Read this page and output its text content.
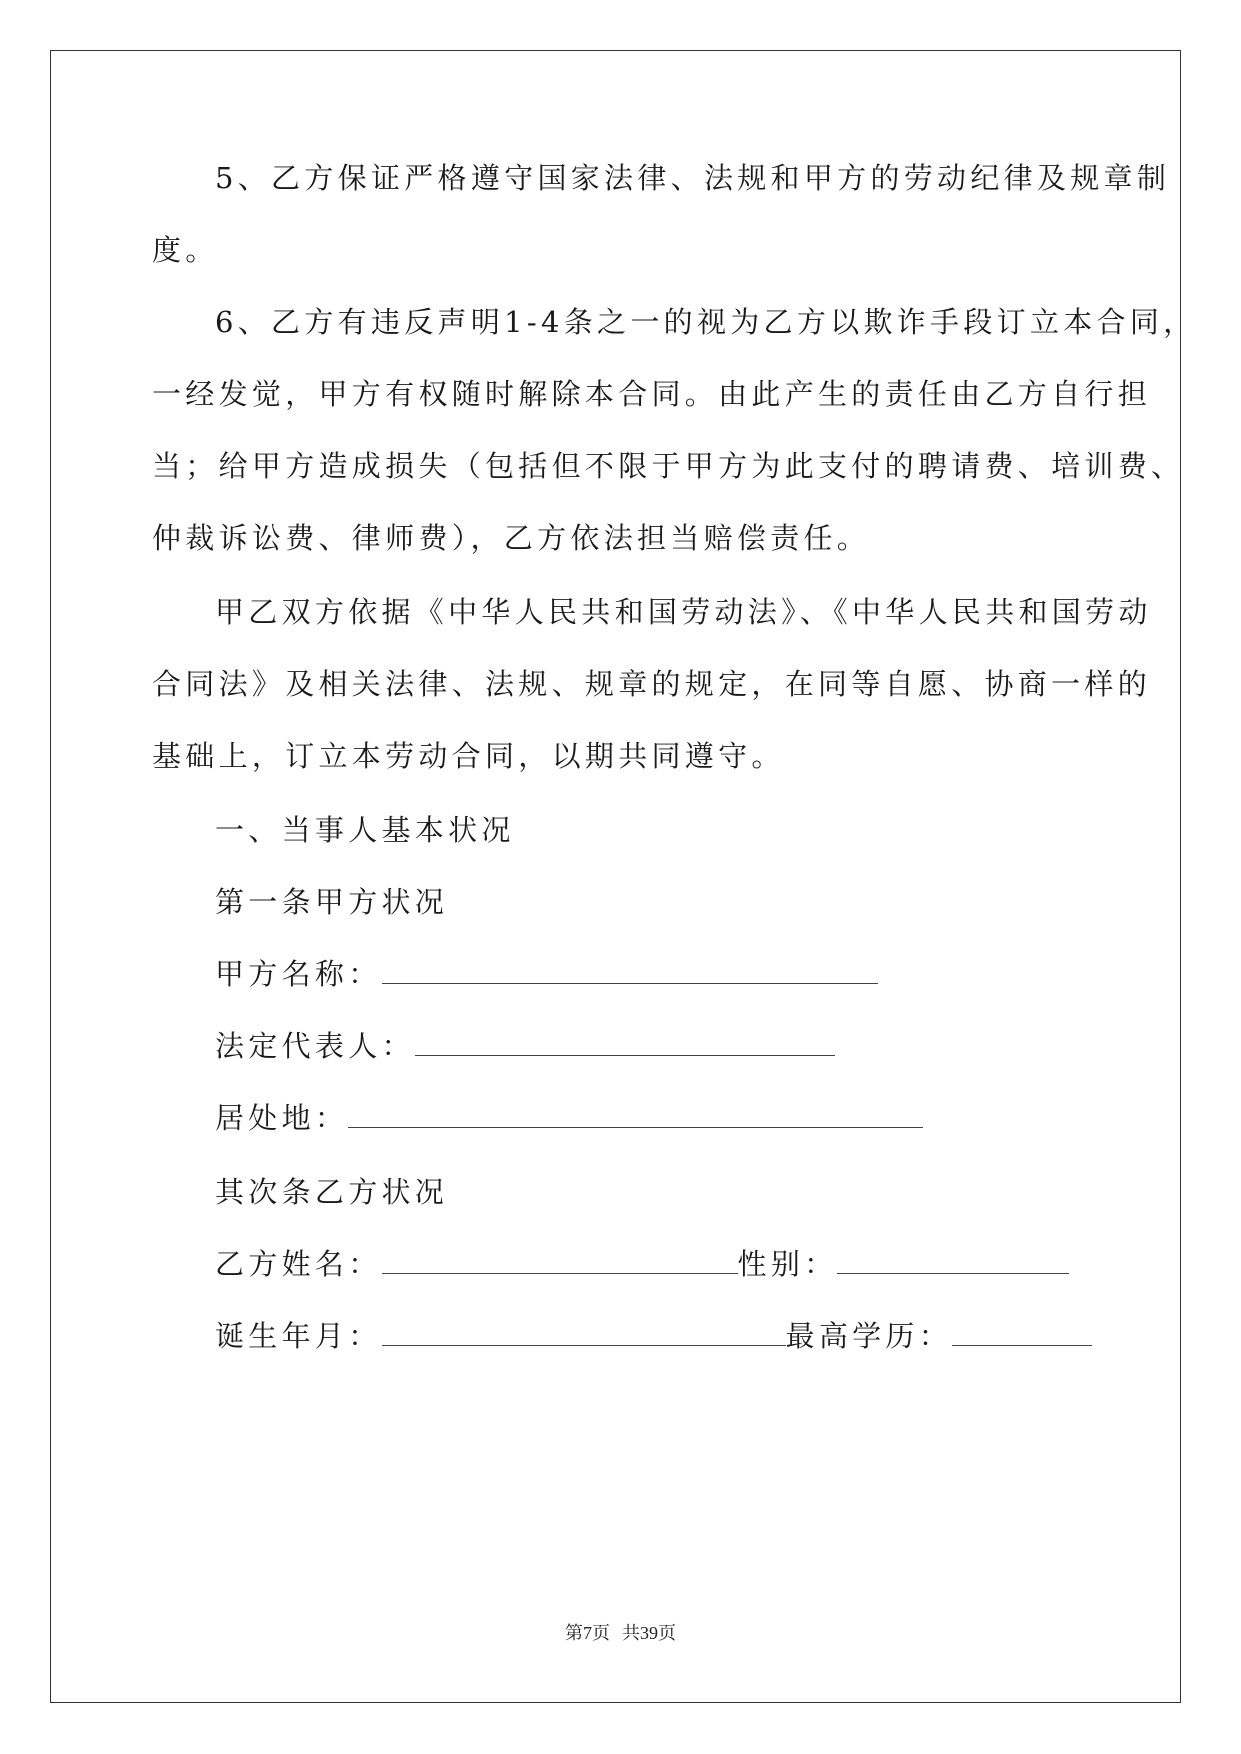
5、乙方保证严格遵守国家法律、法规和甲方的劳动纪律及规章制
度。
6、乙方有违反声明1-4条之一的视为乙方以欺诈手段订立本合同，
一经发觉，甲方有权随时解除本合同。由此产生的责任由乙方自行担
当；给甲方造成损失（包括但不限于甲方为此支付的聘请费、培训费、
仲裁诉讼费、律师费），乙方依法担当赔偿责任。
甲乙双方依据《中华人民共和国劳动法》、《中华人民共和国劳动
合同法》及相关法律、法规、规章的规定，在同等自愿、协商一样的
基础上，订立本劳动合同，以期共同遵守。
一、当事人基本状况
第一条甲方状况
甲方名称：
法定代表人：
居处地：
其次条乙方状况
乙方姓名：	性别：
诞生年月：	最高学历：
第7页 共39页
